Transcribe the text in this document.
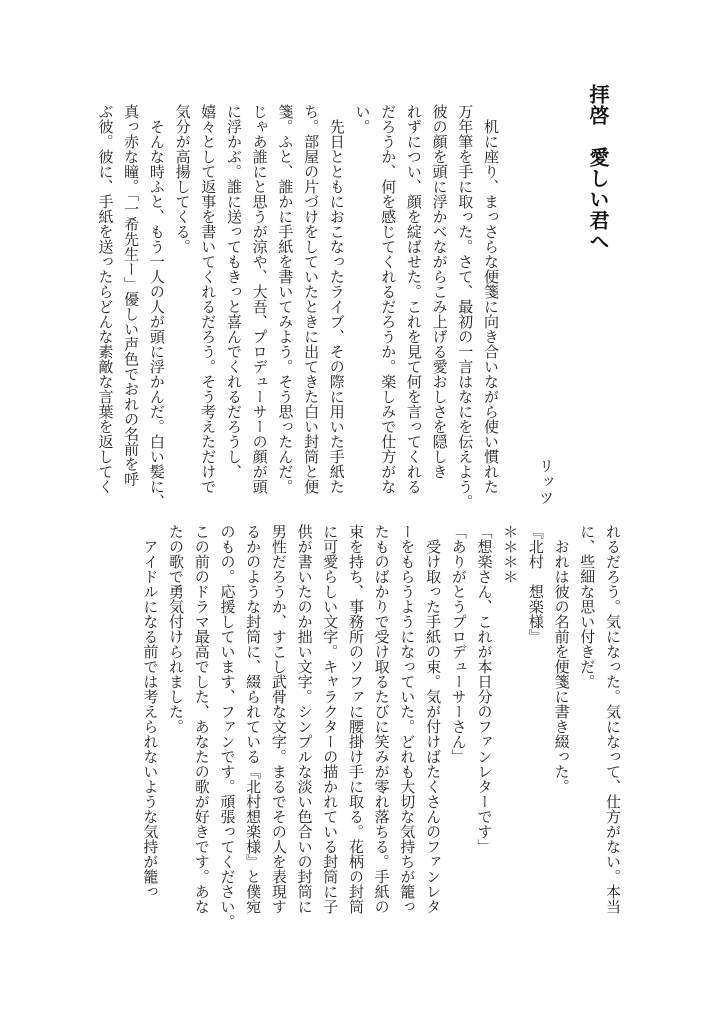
拝啓　愛しい君へ
リッツ
　机に座り、まっさらな便箋に向き合いながら使い慣れた
万年筆を手に取った。さて、最初の一言はなにを伝えよう。
彼の顔を頭に浮かべながらこみ上げる愛おしさを隠しき
れずについ、顔を綻ばせた。これを見て何を言ってくれる
だろうか、何を感じてくれるだろうか。楽しみで仕方がな
い。
　先日とともにおこなったライブ、その際に用いた手紙た
ち。部屋の片づけをしていたときに出てきた白い封筒と便
箋。ふと、誰かに手紙を書いてみよう。そう思ったんだ。
じゃあ誰にと思うが涼や、大吾、プロデューサーの顔が頭
に浮かぶ。誰に送ってもきっと喜んでくれるだろうし、
嬉々として返事を書いてくれるだろう。そう考えただけで
気分が高揚してくる。
　そんな時ふと、もう一人の人が頭に浮かんだ。白い髪に、
真っ赤な瞳。「一希先生ー」優しい声色でおれの名前を呼
ぶ彼。彼に、手紙を送ったらどんな素敵な言葉を返してく
れるだろう。気になった。気になって、仕方がない。本当
に、些細な思い付きだ。
　おれは彼の名前を便箋に書き綴った。
『北村　想楽様』
＊＊＊＊
「想楽さん、これが本日分のファンレターです」
「ありがとうプロデューサーさん」
　受け取った手紙の束。気が付けばたくさんのファンレタ
ーをもらうようになっていた。どれも大切な気持ちが籠っ
たものばかりで受け取るたびに笑みが零れ落ちる。手紙の
束を持ち、事務所のソファに腰掛け手に取る。花柄の封筒
に可愛らしい文字。キャラクターの描かれている封筒に子
供が書いたのか拙い文字。シンプルな淡い色合いの封筒に
男性だろうか、すこし武骨な文字。まるでその人を表現す
るかのような封筒に、綴られている『北村想楽様』と僕宛
のもの。応援しています、ファンです。頑張ってください。
この前のドラマ最高でした、あなたの歌が好きです。あな
たの歌で勇気付けられました。
　アイドルになる前では考えられないような気持が籠っ
